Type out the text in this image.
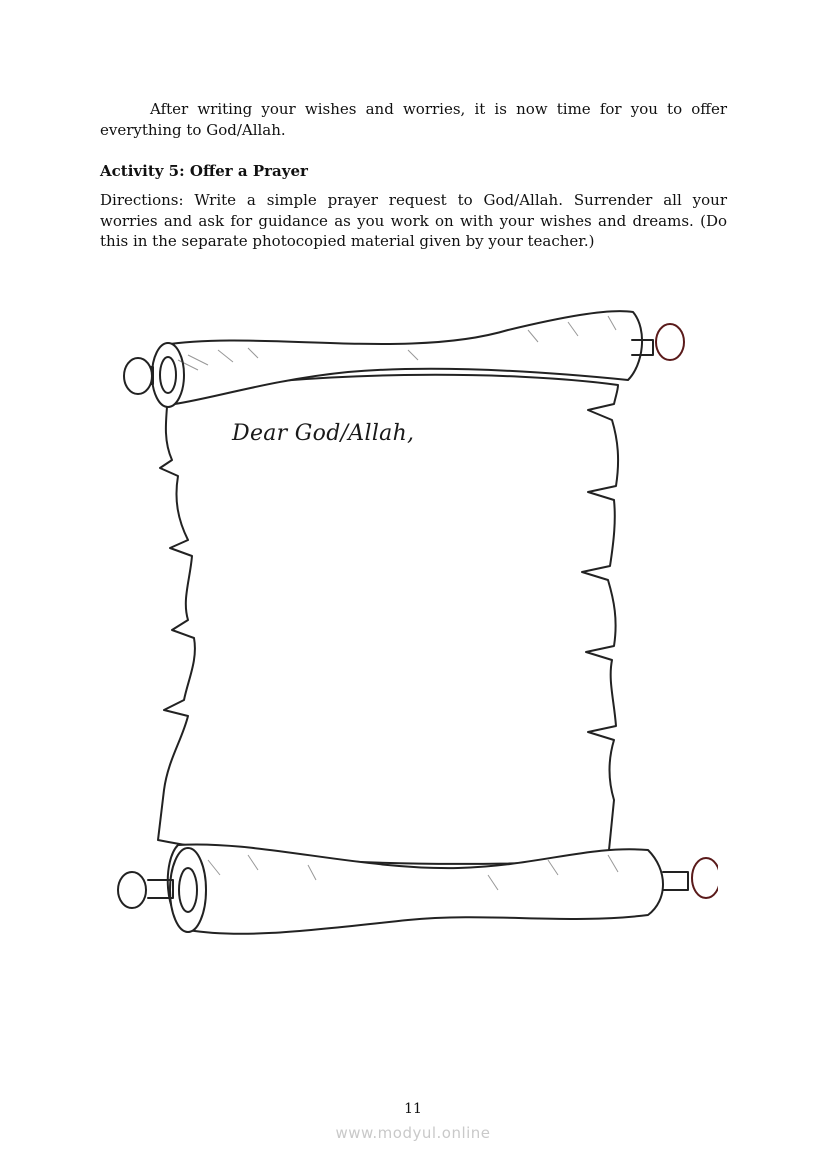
After writing your wishes and worries, it is now time for you to offer everything to God/Allah.

Activity 5: Offer a Prayer

Directions: Write a simple prayer request to God/Allah. Surrender all your worries and ask for guidance as you work on with your wishes and dreams. (Do this in the separate photocopied material given by your teacher.)

Dear God/Allah,
11
www.modyul.online
